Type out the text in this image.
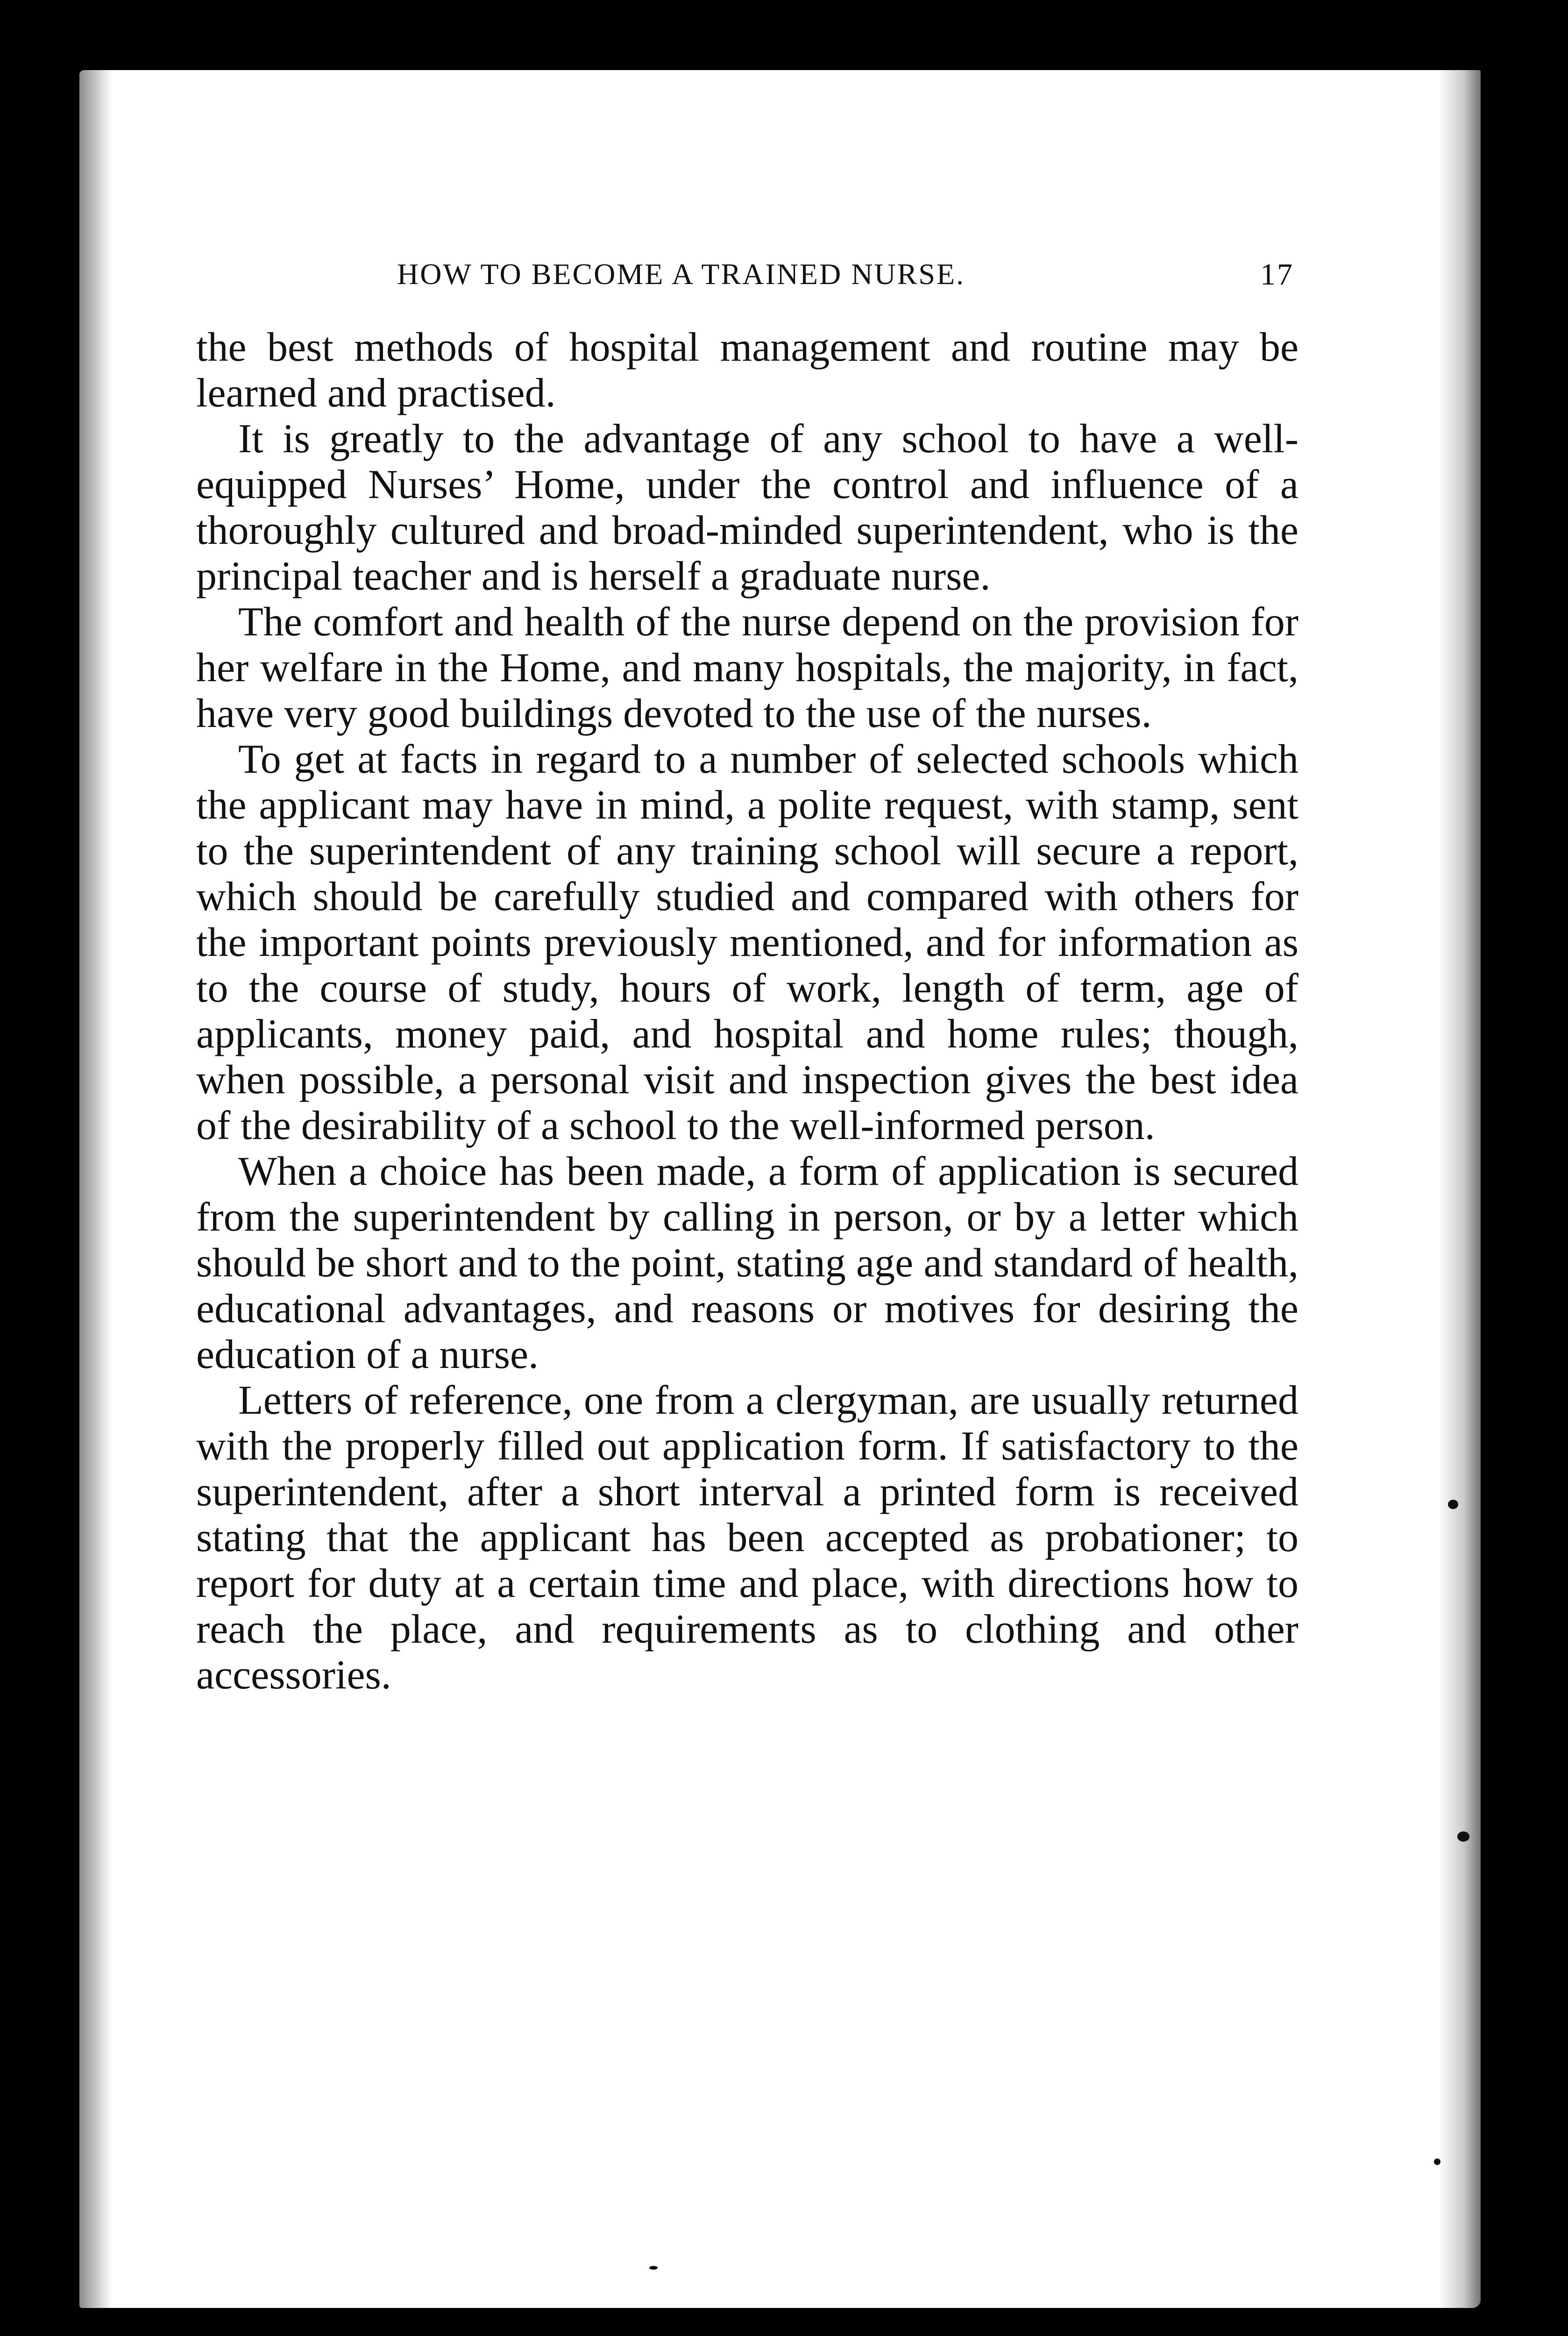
HOW TO BECOME A TRAINED NURSE.	17

the best methods of hospital management and routine may be learned and practised.

It is greatly to the advantage of any school to have a well-equipped Nurses’ Home, under the control and influence of a thoroughly cultured and broad-minded superintendent, who is the principal teacher and is herself a graduate nurse.

The comfort and health of the nurse depend on the provision for her welfare in the Home, and many hospitals, the majority, in fact, have very good buildings devoted to the use of the nurses.

To get at facts in regard to a number of selected schools which the applicant may have in mind, a polite request, with stamp, sent to the superintendent of any training school will secure a report, which should be carefully studied and compared with others for the important points previously mentioned, and for information as to the course of study, hours of work, length of term, age of applicants, money paid, and hospital and home rules; though, when possible, a personal visit and inspection gives the best idea of the desirability of a school to the well-informed person.

When a choice has been made, a form of application is secured from the superintendent by calling in person, or by a letter which should be short and to the point, stating age and standard of health, educational advantages, and reasons or motives for desiring the education of a nurse.

Letters of reference, one from a clergyman, are usually returned with the properly filled out application form. If satisfactory to the superintendent, after a short interval a printed form is received stating that the applicant has been accepted as probationer; to report for duty at a certain time and place, with directions how to reach the place, and requirements as to clothing and other accessories.
